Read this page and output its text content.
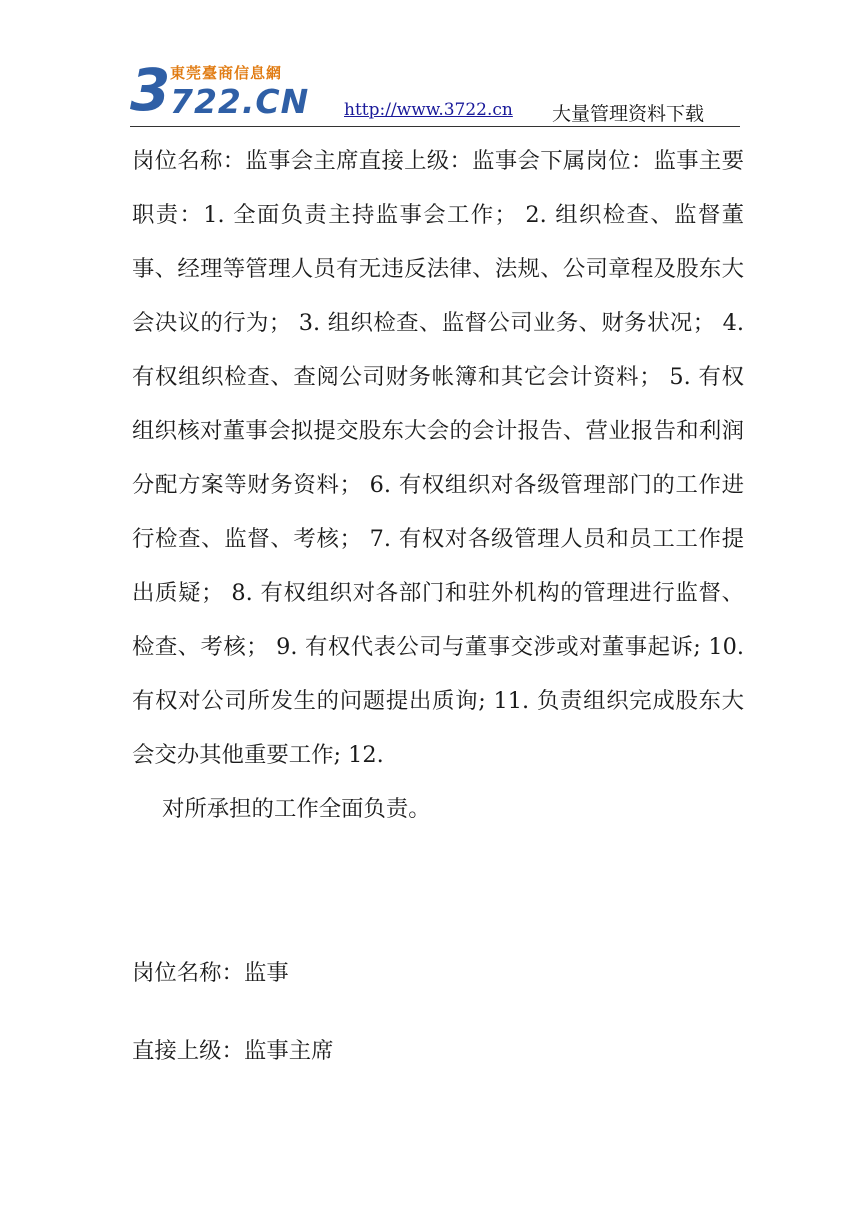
3 東莞臺商信息網
722.CN http://www.3722.cn 大量管理资料下载

岗位名称：监事会主席直接上级：监事会下属岗位：监事主要职责：1. 全面负责主持监事会工作； 2. 组织检查、监督董事、经理等管理人员有无违反法律、法规、公司章程及股东大会决议的行为； 3. 组织检查、监督公司业务、财务状况； 4. 有权组织检查、查阅公司财务帐簿和其它会计资料； 5. 有权组织核对董事会拟提交股东大会的会计报告、营业报告和利润分配方案等财务资料； 6. 有权组织对各级管理部门的工作进行检查、监督、考核； 7. 有权对各级管理人员和员工工作提出质疑； 8. 有权组织对各部门和驻外机构的管理进行监督、检查、考核； 9. 有权代表公司与董事交涉或对董事起诉; 10. 有权对公司所发生的问题提出质询; 11. 负责组织完成股东大会交办其他重要工作; 12.
对所承担的工作全面负责。

岗位名称：监事

直接上级：监事主席
